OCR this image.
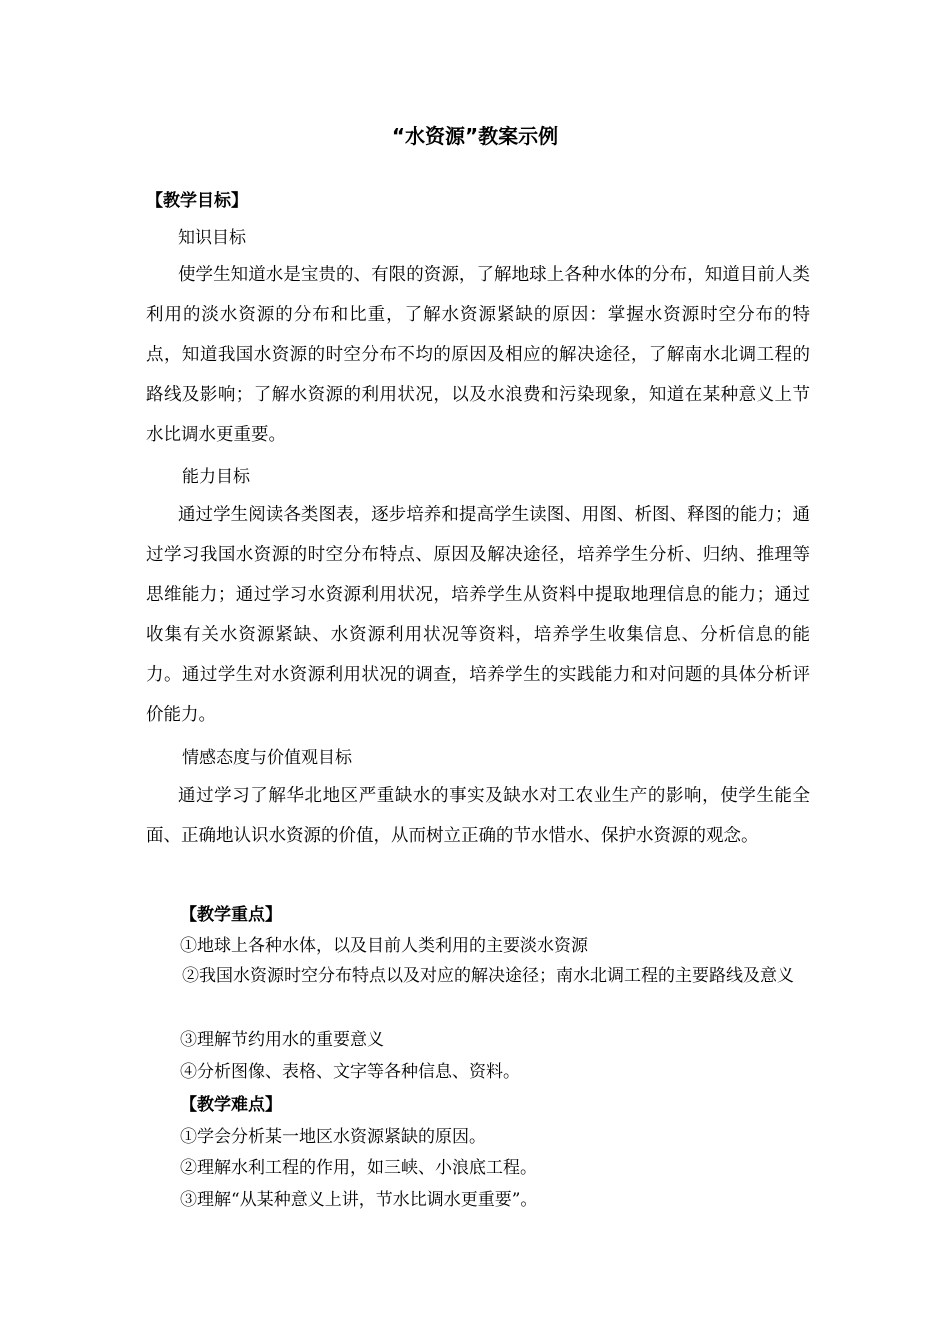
“水资源”教案示例
【教学目标】
知识目标
使学生知道水是宝贵的、有限的资源，了解地球上各种水体的分布，知道目前人类利用的淡水资源的分布和比重，了解水资源紧缺的原因：掌握水资源时空分布的特点，知道我国水资源的时空分布不均的原因及相应的解决途径，了解南水北调工程的路线及影响；了解水资源的利用状况，以及水浪费和污染现象，知道在某种意义上节水比调水更重要。
能力目标
通过学生阅读各类图表，逐步培养和提高学生读图、用图、析图、释图的能力；通过学习我国水资源的时空分布特点、原因及解决途径，培养学生分析、归纳、推理等思维能力；通过学习水资源利用状况，培养学生从资料中提取地理信息的能力；通过收集有关水资源紧缺、水资源利用状况等资料，培养学生收集信息、分析信息的能力。通过学生对水资源利用状况的调查，培养学生的实践能力和对问题的具体分析评价能力。
情感态度与价值观目标
通过学习了解华北地区严重缺水的事实及缺水对工农业生产的影响，使学生能全面、正确地认识水资源的价值，从而树立正确的节水惜水、保护水资源的观念。
【教学重点】
①地球上各种水体，以及目前人类利用的主要淡水资源
②我国水资源时空分布特点以及对应的解决途径；南水北调工程的主要路线及意义
③理解节约用水的重要意义
④分析图像、表格、文字等各种信息、资料。
【教学难点】
①学会分析某一地区水资源紧缺的原因。
②理解水利工程的作用，如三峡、小浪底工程。
③理解“从某种意义上讲，节水比调水更重要”。
